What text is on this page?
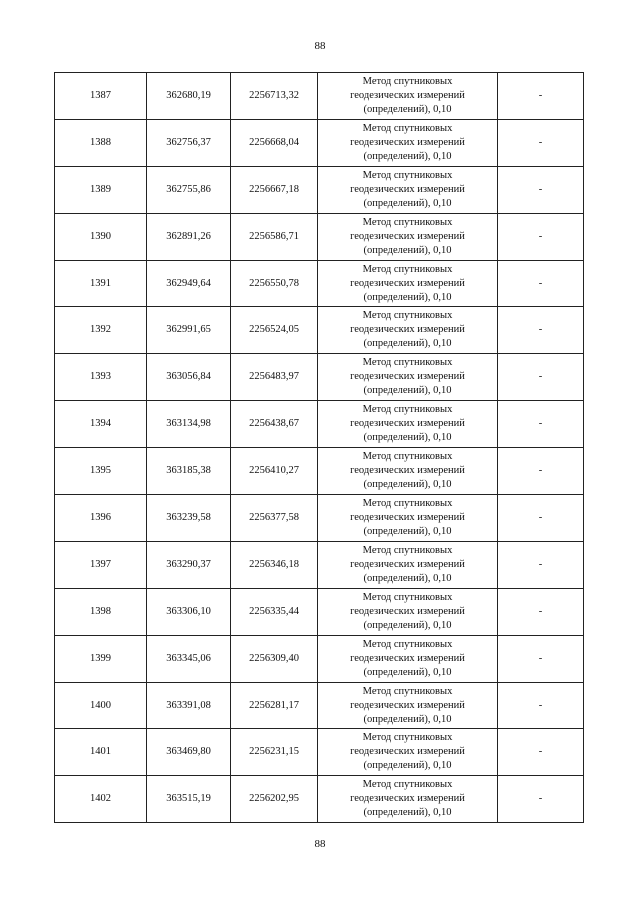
88
1387	362680,19	2256713,32	Метод спутниковых
геодезических измерений
(определений), 0,10	-
1388	362756,37	2256668,04	Метод спутниковых
геодезических измерений
(определений), 0,10	-
1389	362755,86	2256667,18	Метод спутниковых
геодезических измерений
(определений), 0,10	-
1390	362891,26	2256586,71	Метод спутниковых
геодезических измерений
(определений), 0,10	-
1391	362949,64	2256550,78	Метод спутниковых
геодезических измерений
(определений), 0,10	-
1392	362991,65	2256524,05	Метод спутниковых
геодезических измерений
(определений), 0,10	-
1393	363056,84	2256483,97	Метод спутниковых
геодезических измерений
(определений), 0,10	-
1394	363134,98	2256438,67	Метод спутниковых
геодезических измерений
(определений), 0,10	-
1395	363185,38	2256410,27	Метод спутниковых
геодезических измерений
(определений), 0,10	-
1396	363239,58	2256377,58	Метод спутниковых
геодезических измерений
(определений), 0,10	-
1397	363290,37	2256346,18	Метод спутниковых
геодезических измерений
(определений), 0,10	-
1398	363306,10	2256335,44	Метод спутниковых
геодезических измерений
(определений), 0,10	-
1399	363345,06	2256309,40	Метод спутниковых
геодезических измерений
(определений), 0,10	-
1400	363391,08	2256281,17	Метод спутниковых
геодезических измерений
(определений), 0,10	-
1401	363469,80	2256231,15	Метод спутниковых
геодезических измерений
(определений), 0,10	-
1402	363515,19	2256202,95	Метод спутниковых
геодезических измерений
(определений), 0,10	-
88
